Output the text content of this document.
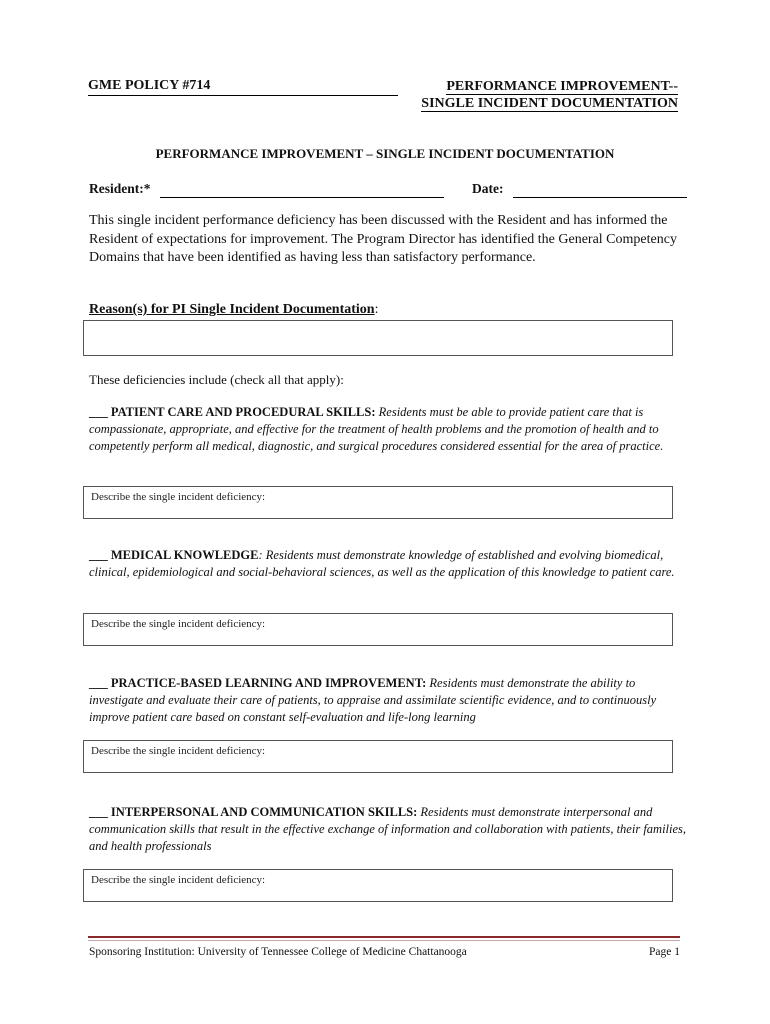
GME POLICY #714	PERFORMANCE IMPROVEMENT--
SINGLE INCIDENT DOCUMENTATION
PERFORMANCE IMPROVEMENT – SINGLE INCIDENT DOCUMENTATION
Resident:*	Date:
This single incident performance deficiency has been discussed with the Resident and has informed the Resident of expectations for improvement. The Program Director has identified the General Competency Domains that have been identified as having less than satisfactory performance.
Reason(s) for PI Single Incident Documentation:
These deficiencies include (check all that apply):
___ PATIENT CARE AND PROCEDURAL SKILLS: Residents must be able to provide patient care that is compassionate, appropriate, and effective for the treatment of health problems and the promotion of health and to competently perform all medical, diagnostic, and surgical procedures considered essential for the area of practice.
Describe the single incident deficiency:
___ MEDICAL KNOWLEDGE: Residents must demonstrate knowledge of established and evolving biomedical, clinical, epidemiological and social-behavioral sciences, as well as the application of this knowledge to patient care.
Describe the single incident deficiency:
___ PRACTICE-BASED LEARNING AND IMPROVEMENT: Residents must demonstrate the ability to investigate and evaluate their care of patients, to appraise and assimilate scientific evidence, and to continuously improve patient care based on constant self-evaluation and life-long learning
Describe the single incident deficiency:
___ INTERPERSONAL AND COMMUNICATION SKILLS: Residents must demonstrate interpersonal and communication skills that result in the effective exchange of information and collaboration with patients, their families, and health professionals
Describe the single incident deficiency:
Sponsoring Institution: University of Tennessee College of Medicine Chattanooga	Page 1
